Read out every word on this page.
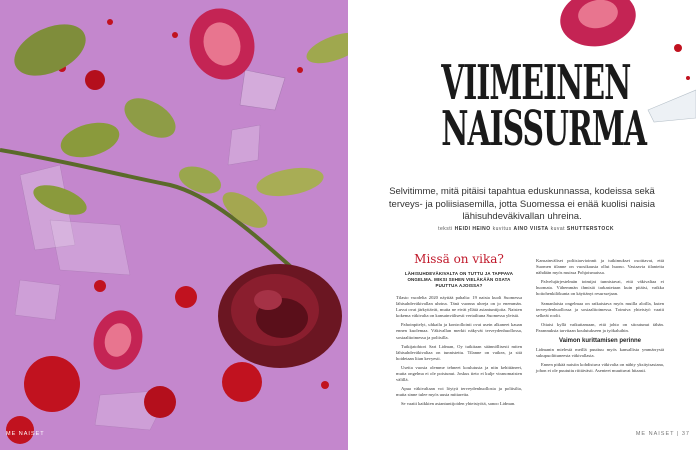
ME NAISET
VIIMEINEN
NAISSURMA

Selvitimme, mitä pitäisi tapahtua eduskunnassa, kodeissa sekä terveys- ja poliisiasemilla, jotta Suomessa ei enää kuolisi naisia lähisuhdeväkivallan uhreina.

teksti HEIDI HEINO kuvitus AINO VIISTA kuvat SHUTTERSTOCK
Missä on vika?
LÄHISUHDEVÄKIVALTA ON TUTTU JA TAPPAVA ONGELMA. MIKSI SIIHEN VIELÄKÄÄN OSATA PUUTTUA AJOISSA?

Tilasto vuodelta 2020 näyttää pahalta: 19 naista kuoli Suomessa lähisuhdeväkivallan uhrina. Tänä vuonna uhreja on jo enemmän. Luvut ovat järkyttävät, mutta ne eivät yllätä asiantuntijoita. Naisten kokema väkivalta on kansainvälisesti vertailtuna Suomessa yleistä.

Pahoinpitelyt, uhkailu ja kontrollointi ovat usein alkaneet kauan ennen kuolemaa. Väkivallan merkit näkyvät terveydenhuollossa, sosiaalitoimessa ja poliisilla.

Tutkijatohtori Sari Lidman, Oy tutkitaan säännöllisesti miten lähisuhdeväkivaltaa on tunnistettu. Tilanne on vaikea, ja sitä hoidetaan liian kevyesti.

Useita vuosia olemme tehneet koulutusta ja niin kehittäneet, mutta ongelma ei ole poistunut. Joskus tieto ei kulje viranomaisten välillä.

Apua väkivaltaan voi löytyä terveydenhuollosta ja poliisilta, mutta sinne tulee myös uusia mittareita.

Se vaatii kaikkien asiantuntijoiden yhteistyötä, sanoo Lidman.

Kansainväliset poliisiarvioinnit ja tutkimukset osoittavat, että Suomen tilanne on vuosikausia ollut huono. Vastaavia tilanteita nähdään myös muissa Pohjoismaissa.

Palvelujärjestelmän toimijat tunnistavat, että väkivaltaa ei huomata. Vähemmän ihmisiä tarkastetaan kuin pitäisi, vaikka hoitohenkilökunta on käyttänyt resurssejaan.

Samanlaista ongelmaa on ratkaistava myös muilla aloilla, kuten terveydenhuollossa ja sosiaalitoimessa. Toimiva yhteistyö vaatii selkeät roolit.

Ottaisi kyllä vaikuttamaan, että johto on sitoutunut tähän. Parannuksia tarvitaan koulutukseen ja työkaluihin.

Vaimon kurittamisen perinne

Lidmanin mielestä meillä puuttuu myös kansallista ymmärrystä sukupuolittuneesta väkivallasta.

Ennen pitkää naisiin kohdistuva väkivalta on nähty yksityisasiana, johon ei ole puututtu riittävästi. Asenteet muuttuvat hitaasti.

ME NAISET | 37
